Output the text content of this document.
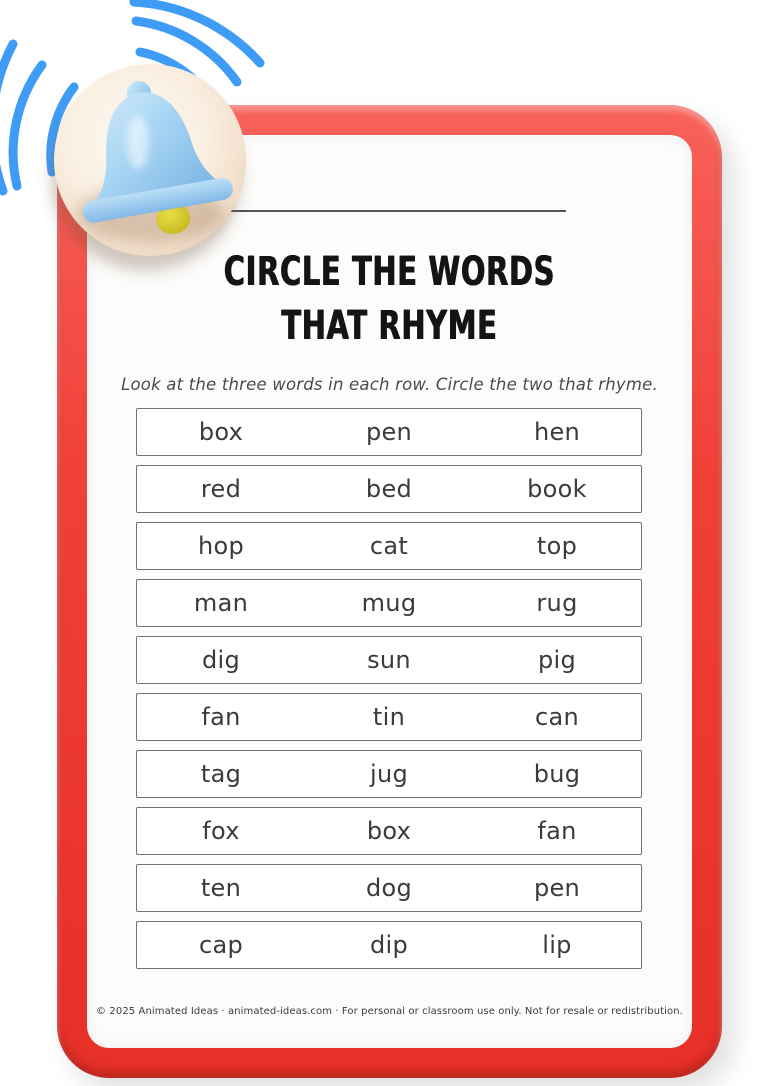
CIRCLE THE WORDS
THAT RHYME
Look at the three words in each row. Circle the two that rhyme.
box	pen	hen
red	bed	book
hop	cat	top
man	mug	rug
dig	sun	pig
fan	tin	can
tag	jug	bug
fox	box	fan
ten	dog	pen
cap	dip	lip
© 2025 Animated Ideas · animated-ideas.com · For personal or classroom use only. Not for resale or redistribution.
